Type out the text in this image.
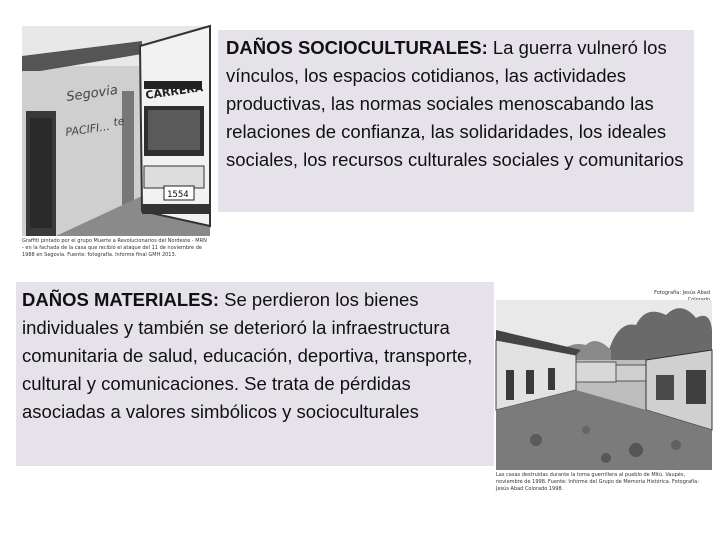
Segovia
te
PACIFI...
CARRERA
1554
Graffiti pintado por el grupo Muerte a Revolucionarios del Nordeste - MRN - en la fachada de la casa que recibió el ataque del 11 de noviembre de 1988 en Segovia. Fuente: fotografía. Informe final GMH 2013.
DAÑOS SOCIOCULTURALES: La guerra vulneró los vínculos, los espacios cotidianos, las actividades productivas, las normas sociales menoscabando las relaciones de confianza, las solidaridades, los ideales sociales, los recursos culturales sociales y comunitarios
DAÑOS MATERIALES: Se perdieron los bienes individuales y también se deterioró la infraestructura comunitaria de salud, educación, deportiva, transporte, cultural y comunicaciones. Se trata de pérdidas asociadas a valores simbólicos y socioculturales
Fotografía: Jesús Abad
Las casas destruidas durante la toma guerrillera al pueblo de Mitú. Vaupés, noviembre de 1998. Fuente: Informe del Grupo de Memoria Histórica. Fotografía: Jesús Abad Colorado 1998.
